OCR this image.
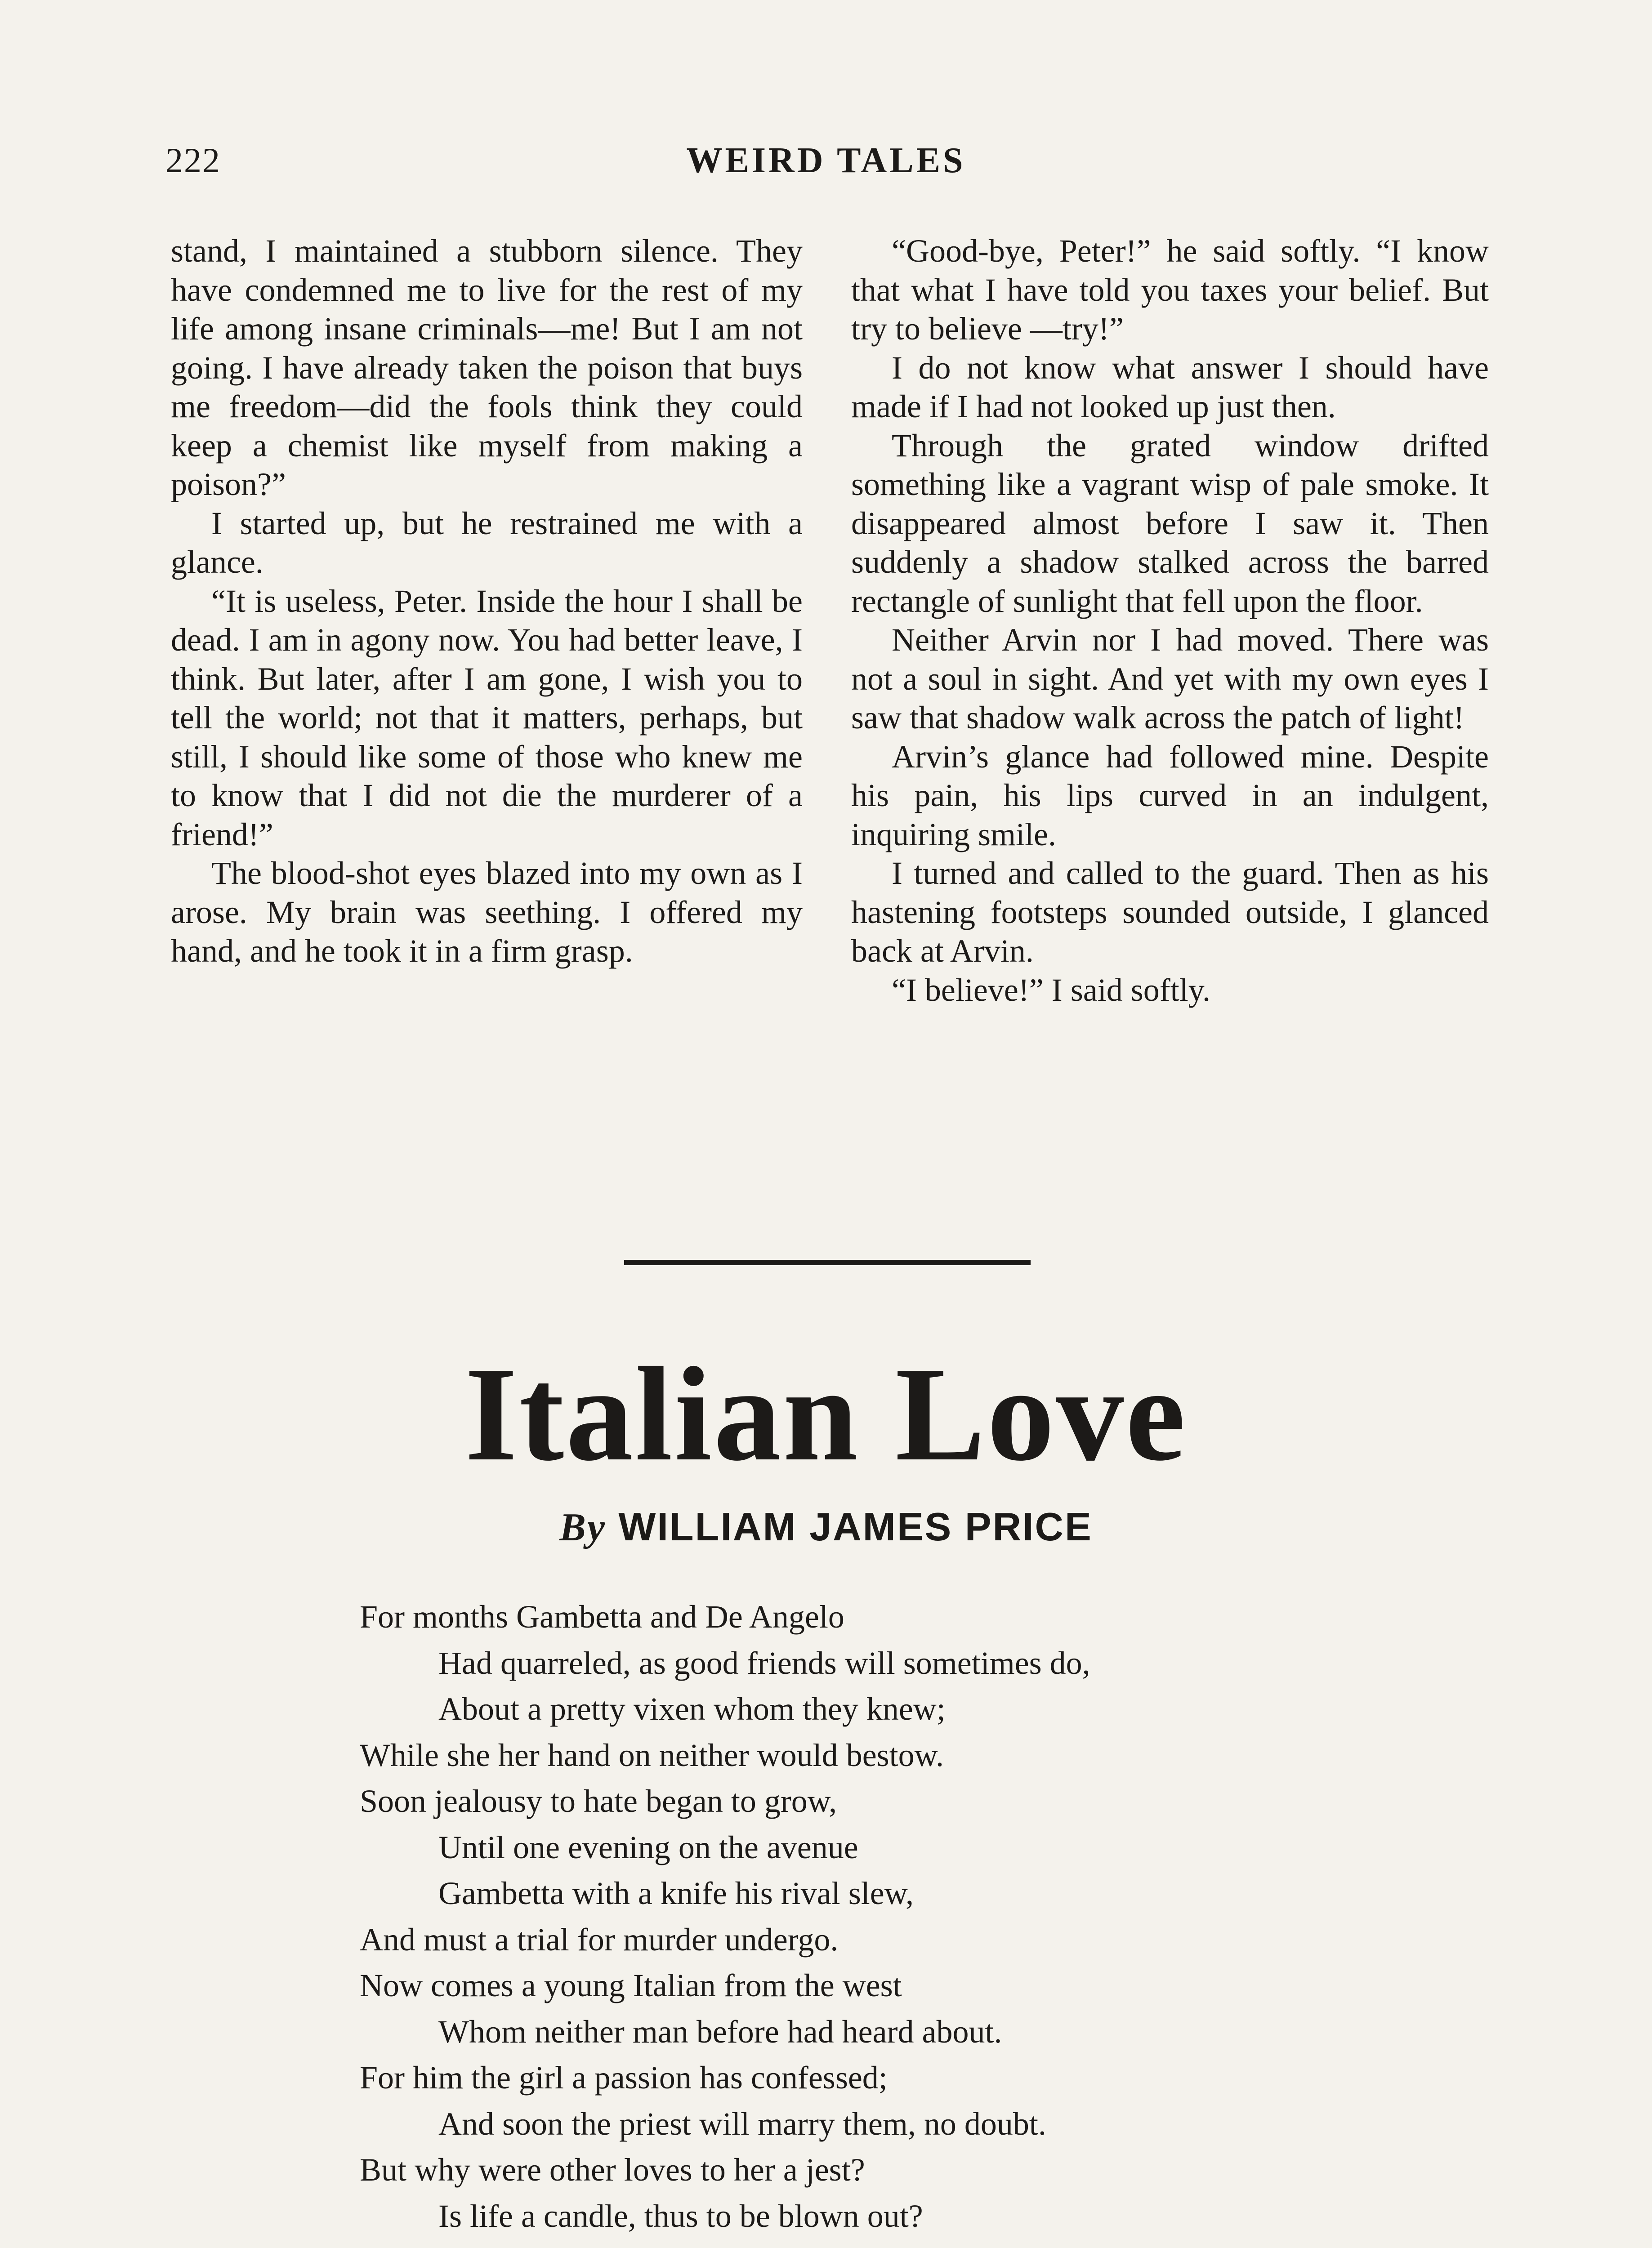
222	WEIRD TALES

stand, I maintained a stubborn silence. They have condemned me to live for the rest of my life among insane criminals—me! But I am not going. I have already taken the poison that buys me freedom—did the fools think they could keep a chemist like myself from making a poison?”

I started up, but he restrained me with a glance.

“It is useless, Peter. Inside the hour I shall be dead. I am in agony now. You had better leave, I think. But later, after I am gone, I wish you to tell the world; not that it matters, perhaps, but still, I should like some of those who knew me to know that I did not die the murderer of a friend!”

The blood-shot eyes blazed into my own as I arose. My brain was seething. I offered my hand, and he took it in a firm grasp.

“Good-bye, Peter!” he said softly. “I know that what I have told you taxes your belief. But try to believe —try!”

I do not know what answer I should have made if I had not looked up just then.

Through the grated window drifted something like a vagrant wisp of pale smoke. It disappeared almost before I saw it. Then suddenly a shadow stalked across the barred rectangle of sunlight that fell upon the floor.

Neither Arvin nor I had moved. There was not a soul in sight. And yet with my own eyes I saw that shadow walk across the patch of light!

Arvin’s glance had followed mine. Despite his pain, his lips curved in an indulgent, inquiring smile.

I turned and called to the guard. Then as his hastening footsteps sounded outside, I glanced back at Arvin.

“I believe!” I said softly.

Italian Love
By WILLIAM JAMES PRICE
For months Gambetta and De Angelo
Had quarreled, as good friends will sometimes do,
About a pretty vixen whom they knew;
While she her hand on neither would bestow.
Soon jealousy to hate began to grow,
Until one evening on the avenue
Gambetta with a knife his rival slew,
And must a trial for murder undergo.
Now comes a young Italian from the west
Whom neither man before had heard about.
For him the girl a passion has confessed;
And soon the priest will marry them, no doubt.
But why were other loves to her a jest?
Is life a candle, thus to be blown out?
